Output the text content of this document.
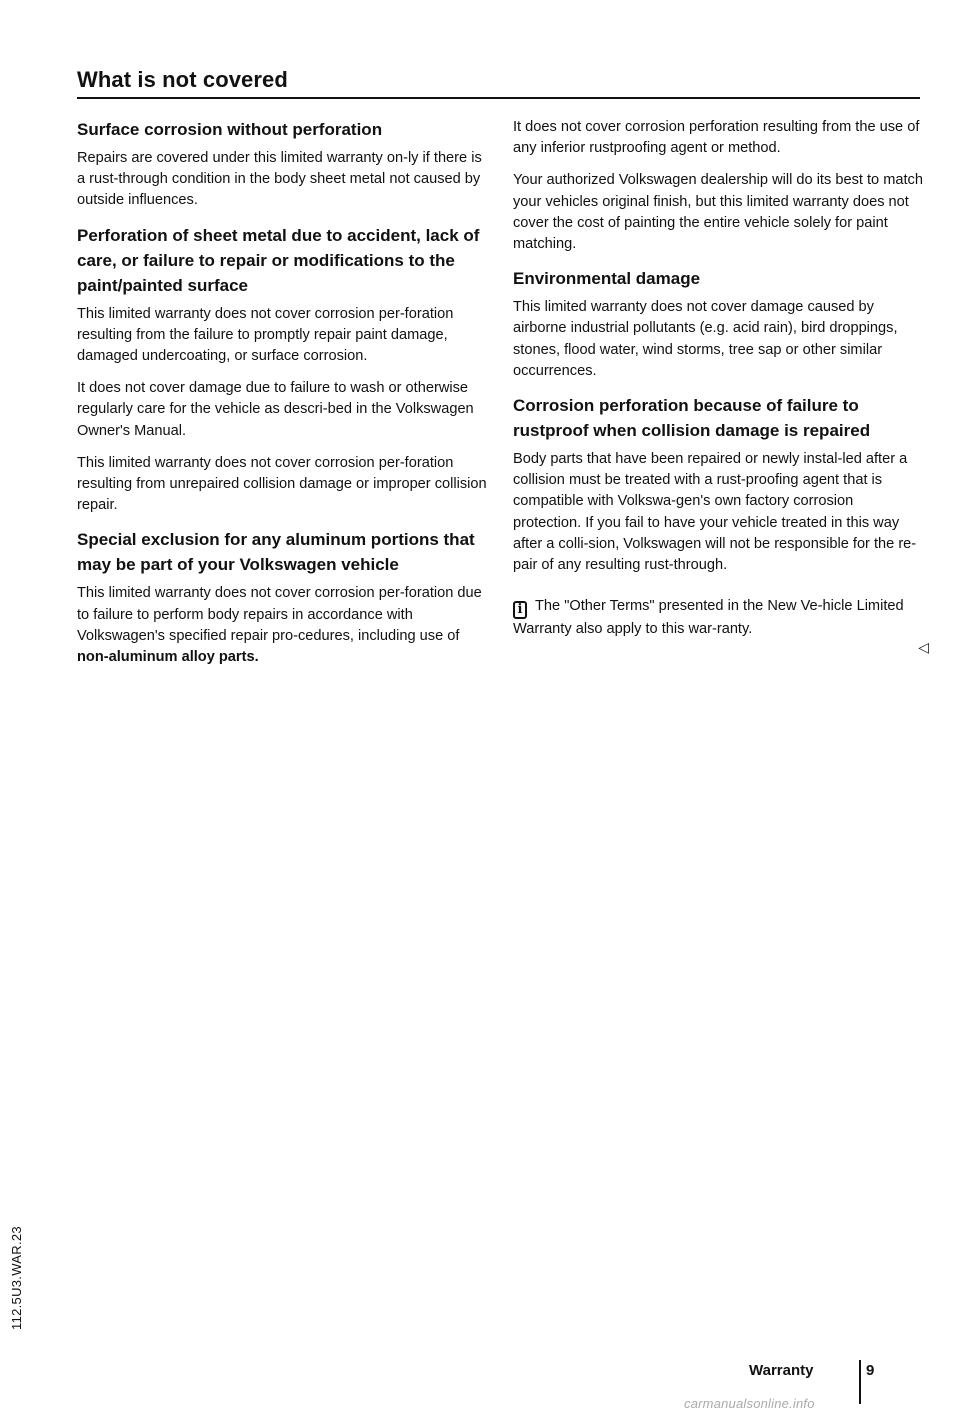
What is not covered
Surface corrosion without perforation

Repairs are covered under this limited warranty on-ly if there is a rust-through condition in the body sheet metal not caused by outside influences.

Perforation of sheet metal due to accident, lack of care, or failure to repair or modifications to the paint/painted surface

This limited warranty does not cover corrosion per-foration resulting from the failure to promptly repair paint damage, damaged undercoating, or surface corrosion.

It does not cover damage due to failure to wash or otherwise regularly care for the vehicle as descri-bed in the Volkswagen Owner's Manual.

This limited warranty does not cover corrosion per-foration resulting from unrepaired collision damage or improper collision repair.

Special exclusion for any aluminum portions that may be part of your Volkswagen vehicle

This limited warranty does not cover corrosion per-foration due to failure to perform body repairs in accordance with Volkswagen's specified repair pro-cedures, including use of non-aluminum alloy parts.

It does not cover corrosion perforation resulting from the use of any inferior rustproofing agent or method.

Your authorized Volkswagen dealership will do its best to match your vehicles original finish, but this limited warranty does not cover the cost of painting the entire vehicle solely for paint matching.

Environmental damage

This limited warranty does not cover damage caused by airborne industrial pollutants (e.g. acid rain), bird droppings, stones, flood water, wind storms, tree sap or other similar occurrences.

Corrosion perforation because of failure to rustproof when collision damage is repaired

Body parts that have been repaired or newly instal-led after a collision must be treated with a rust-proofing agent that is compatible with Volkswa-gen's own factory corrosion protection. If you fail to have your vehicle treated in this way after a colli-sion, Volkswagen will not be responsible for the re-pair of any resulting rust-through.

i The "Other Terms" presented in the New Ve-hicle Limited Warranty also apply to this war-ranty.

◁
112.5U3.WAR.23
Warranty	9
carmanualsonline.info
